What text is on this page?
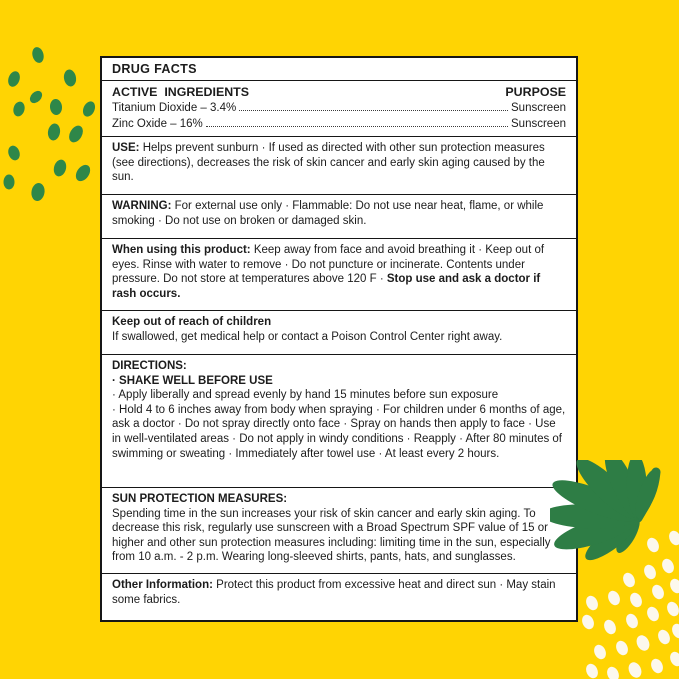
DRUG FACTS
ACTIVE  INGREDIENTS	PURPOSE
Titanium Dioxide – 3.4%	Sunscreen
Zinc Oxide – 16%	Sunscreen
USE: Helps prevent sunburn · If used as directed with other sun protection measures (see directions), decreases the risk of skin cancer and early skin aging caused by the sun.
WARNING: For external use only · Flammable: Do not use near heat, flame, or while smoking · Do not use on broken or damaged skin.
When using this product: Keep away from face and avoid breathing it · Keep out of eyes. Rinse with water to remove · Do not puncture or incinerate. Contents under pressure. Do not store at temperatures above 120 F · Stop use and ask a doctor if rash occurs.
Keep out of reach of children
If swallowed, get medical help or contact a Poison Control Center right away.
DIRECTIONS:
· SHAKE WELL BEFORE USE
· Apply liberally and spread evenly by hand 15 minutes before sun exposure
· Hold 4 to 6 inches away from body when spraying · For children under 6 months of age, ask a doctor · Do not spray directly onto face · Spray on hands then apply to face · Use in well-ventilated areas · Do not apply in windy conditions · Reapply · After 80 minutes of swimming or sweating · Immediately after towel use · At least every 2 hours.
SUN PROTECTION MEASURES:
Spending time in the sun increases your risk of skin cancer and early skin aging. To decrease this risk, regularly use sunscreen with a Broad Spectrum SPF value of 15 or higher and other sun protection measures including: limiting time in the sun, especially from 10 a.m. - 2 p.m. Wearing long-sleeved shirts, pants, hats, and sunglasses.
Other Information: Protect this product from excessive heat and direct sun · May stain some fabrics.
